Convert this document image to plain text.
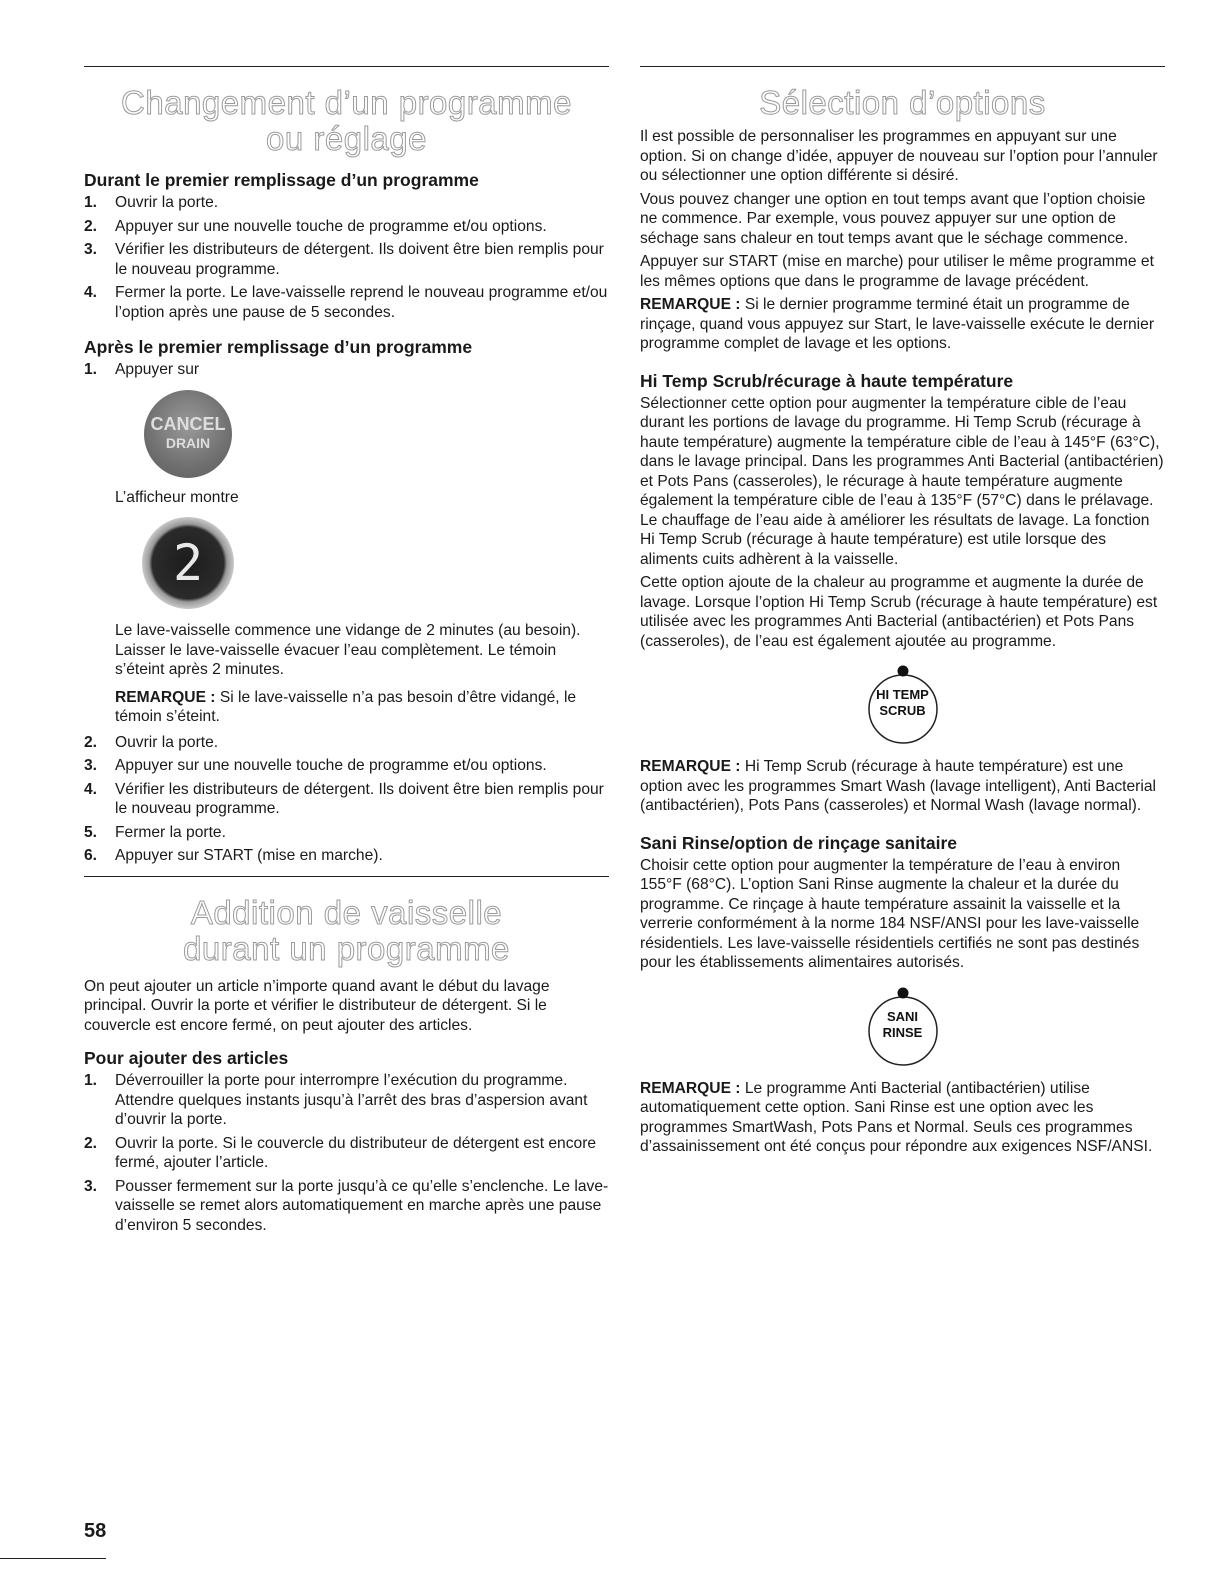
Changement d’un programme
ou réglage
Durant le premier remplissage d’un programme
1. Ouvrir la porte.
2. Appuyer sur une nouvelle touche de programme et/ou options.
3. Vérifier les distributeurs de détergent. Ils doivent être bien remplis pour le nouveau programme.
4. Fermer la porte. Le lave-vaisselle reprend le nouveau programme et/ou l’option après une pause de 5 secondes.
Après le premier remplissage d’un programme
1. Appuyer sur
CANCEL
DRAIN

L’afficheur montre

2

Le lave-vaisselle commence une vidange de 2 minutes (au besoin). Laisser le lave-vaisselle évacuer l’eau complètement. Le témoin s’éteint après 2 minutes.

REMARQUE : Si le lave-vaisselle n’a pas besoin d’être vidangé, le témoin s’éteint.

2. Ouvrir la porte.
3. Appuyer sur une nouvelle touche de programme et/ou options.
4. Vérifier les distributeurs de détergent. Ils doivent être bien remplis pour le nouveau programme.
5. Fermer la porte.
6. Appuyer sur START (mise en marche).
Addition de vaisselle
durant un programme

On peut ajouter un article n’importe quand avant le début du lavage principal. Ouvrir la porte et vérifier le distributeur de détergent. Si le couvercle est encore fermé, on peut ajouter des articles.

Pour ajouter des articles
1. Déverrouiller la porte pour interrompre l’exécution du programme. Attendre quelques instants jusqu’à l’arrêt des bras d’aspersion avant d’ouvrir la porte.
2. Ouvrir la porte. Si le couvercle du distributeur de détergent est encore fermé, ajouter l’article.
3. Pousser fermement sur la porte jusqu’à ce qu’elle s’enclenche. Le lave-vaisselle se remet alors automatiquement en marche après une pause d’environ 5 secondes.
Sélection d’options

Il est possible de personnaliser les programmes en appuyant sur une option. Si on change d’idée, appuyer de nouveau sur l’option pour l’annuler ou sélectionner une option différente si désiré.

Vous pouvez changer une option en tout temps avant que l’option choisie ne commence. Par exemple, vous pouvez appuyer sur une option de séchage sans chaleur en tout temps avant que le séchage commence.

Appuyer sur START (mise en marche) pour utiliser le même programme et les mêmes options que dans le programme de lavage précédent.

REMARQUE : Si le dernier programme terminé était un programme de rinçage, quand vous appuyez sur Start, le lave-vaisselle exécute le dernier programme complet de lavage et les options.

Hi Temp Scrub/récurage à haute température

Sélectionner cette option pour augmenter la température cible de l’eau durant les portions de lavage du programme. Hi Temp Scrub (récurage à haute température) augmente la température cible de l’eau à 145°F (63°C), dans le lavage principal. Dans les programmes Anti Bacterial (antibactérien) et Pots Pans (casseroles), le récurage à haute température augmente également la température cible de l’eau à 135°F (57°C) dans le prélavage. Le chauffage de l’eau aide à améliorer les résultats de lavage. La fonction Hi Temp Scrub (récurage à haute température) est utile lorsque des aliments cuits adhèrent à la vaisselle.

Cette option ajoute de la chaleur au programme et augmente la durée de lavage. Lorsque l’option Hi Temp Scrub (récurage à haute température) est utilisée avec les programmes Anti Bacterial (antibactérien) et Pots Pans (casseroles), de l’eau est également ajoutée au programme.

HI TEMP
SCRUB

REMARQUE : Hi Temp Scrub (récurage à haute température) est une option avec les programmes Smart Wash (lavage intelligent), Anti Bacterial (antibactérien), Pots Pans (casseroles) et Normal Wash (lavage normal).

Sani Rinse/option de rinçage sanitaire

Choisir cette option pour augmenter la température de l’eau à environ 155°F (68°C). L’option Sani Rinse augmente la chaleur et la durée du programme. Ce rinçage à haute température assainit la vaisselle et la verrerie conformément à la norme 184 NSF/ANSI pour les lave-vaisselle résidentiels. Les lave-vaisselle résidentiels certifiés ne sont pas destinés pour les établissements alimentaires autorisés.

SANI
RINSE

REMARQUE : Le programme Anti Bacterial (antibactérien) utilise automatiquement cette option. Sani Rinse est une option avec les programmes SmartWash, Pots Pans et Normal. Seuls ces programmes d’assainissement ont été conçus pour répondre aux exigences NSF/ANSI.

58
